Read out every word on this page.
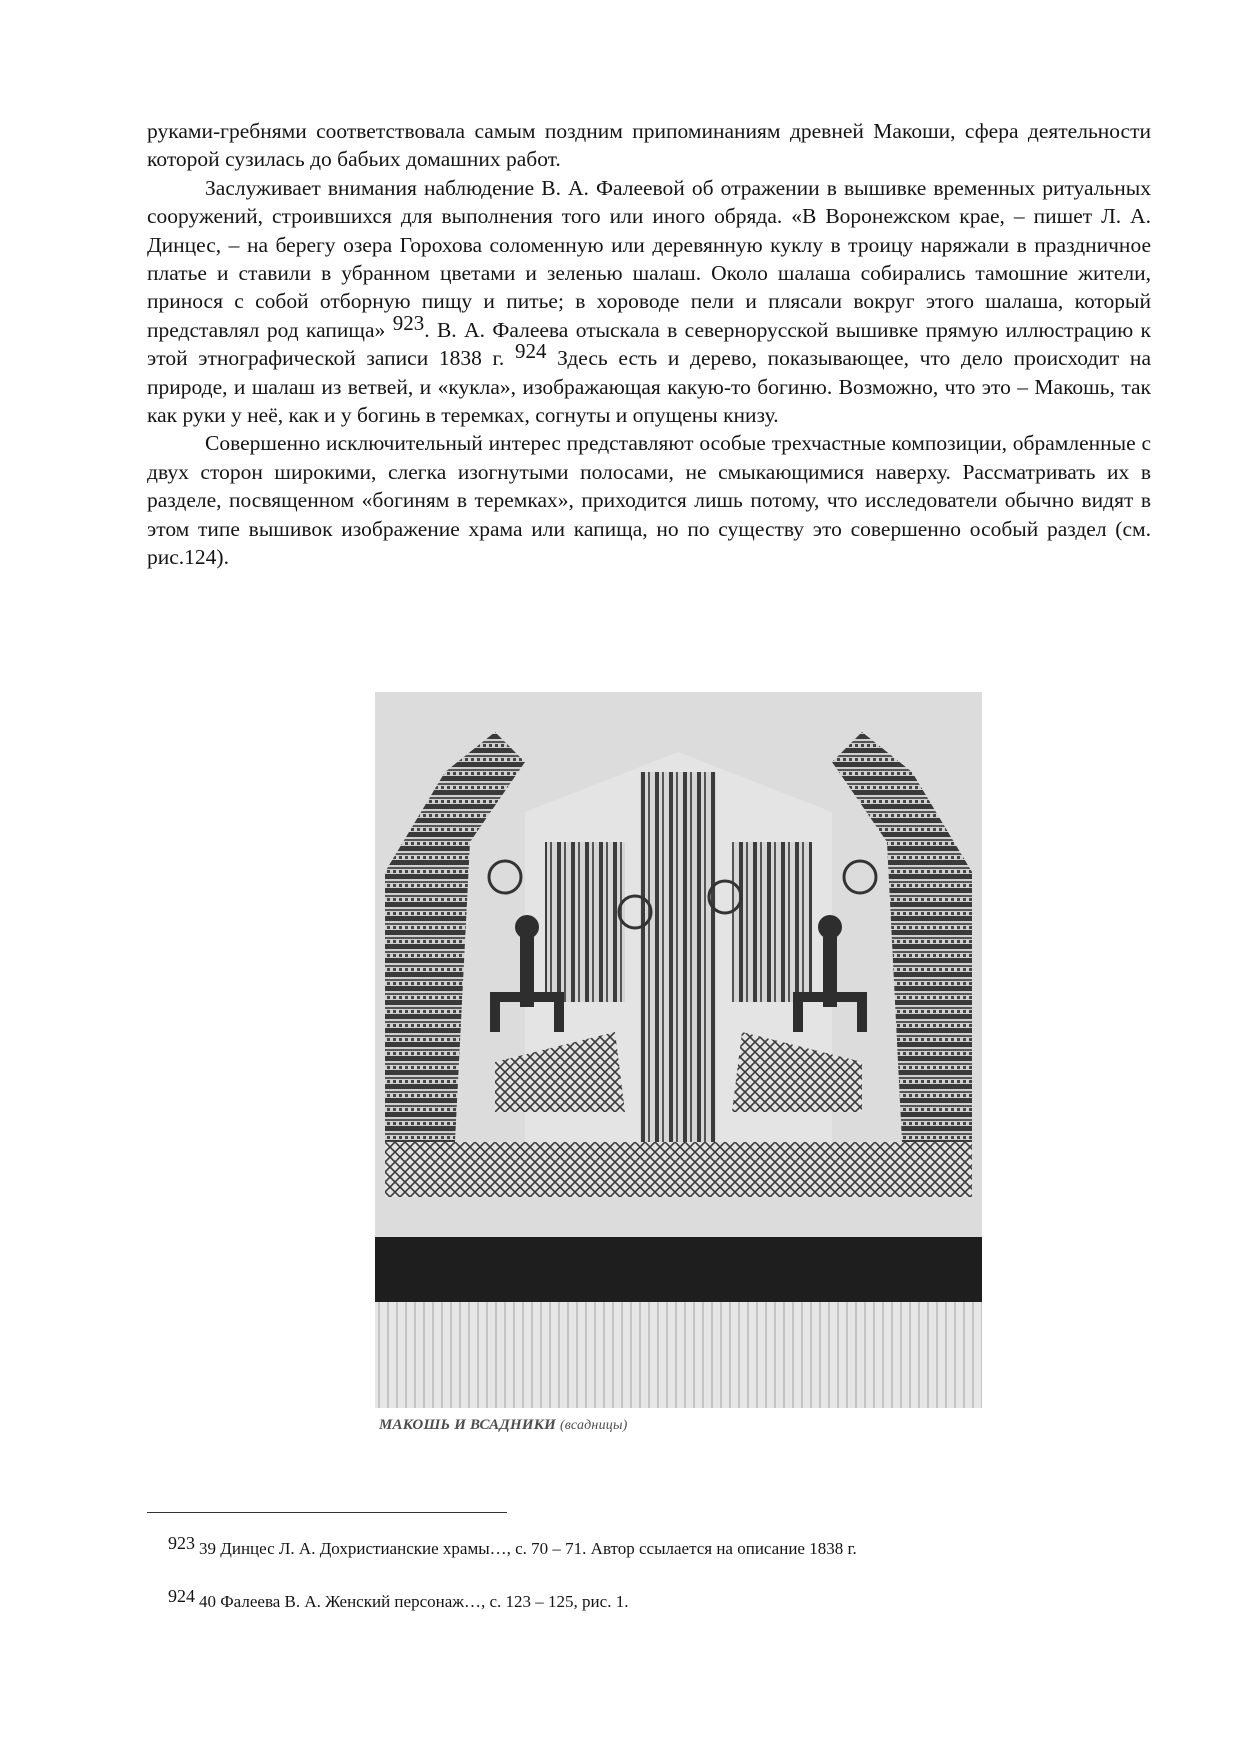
руками-гребнями соответствовала самым поздним припоминаниям древней Макоши, сфера деятельности которой сузилась до бабьих домашних работ.

Заслуживает внимания наблюдение В. А. Фалеевой об отражении в вышивке временных ритуальных сооружений, строившихся для выполнения того или иного обряда. «В Воронежском крае, – пишет Л. А. Динцес, – на берегу озера Горохова соломенную или деревянную куклу в троицу наряжали в праздничное платье и ставили в убранном цветами и зеленью шалаш. Около шалаша собирались тамошние жители, принося с собой отборную пищу и питье; в хороводе пели и плясали вокруг этого шалаша, который представлял род капища» $^{923}$. В. А. Фалеева отыскала в севернорусской вышивке прямую иллюстрацию к этой этнографической записи 1838 г. $^{924}$ Здесь есть и дерево, показывающее, что дело происходит на природе, и шалаш из ветвей, и «кукла», изображающая какую-то богиню. Возможно, что это – Макошь, так как руки у неё, как и у богинь в теремках, согнуты и опущены книзу.

Совершенно исключительный интерес представляют особые трехчастные композиции, обрамленные с двух сторон широкими, слегка изогнутыми полосами, не смыкающимися наверху. Рассматривать их в разделе, посвященном «богиням в теремках», приходится лишь потому, что исследователи обычно видят в этом типе вышивок изображение храма или капища, но по существу это совершенно особый раздел (см. рис.124).

МАКОШЬ И ВСАДНИКИ (всадницы)
923 39 Динцес Л. А. Дохристианские храмы…, с. 70 – 71. Автор ссылается на описание 1838 г.
924 40 Фалеева В. А. Женский персонаж…, с. 123 – 125, рис. 1.
